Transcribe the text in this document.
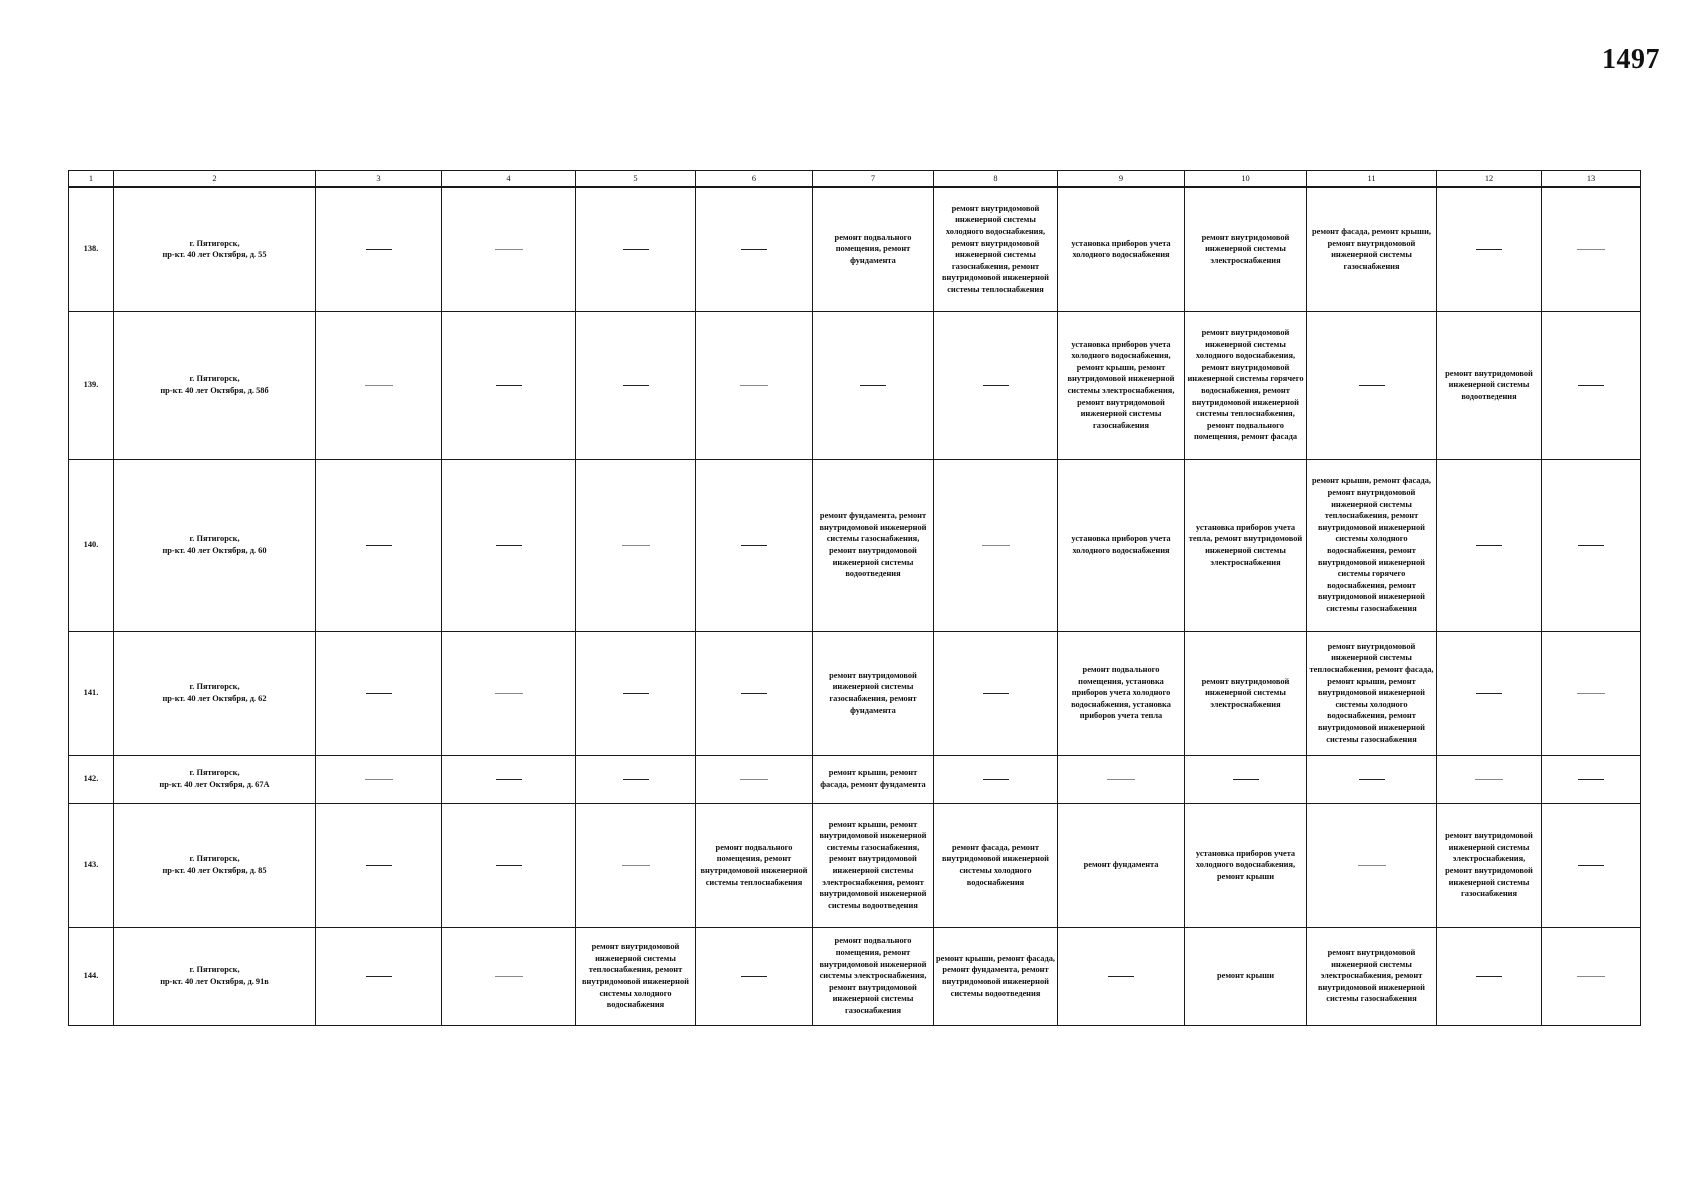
1497
1	2	3	4	5	6	7	8	9	10	11	12	13
138.	г. Пятигорск,
пр-кт. 40 лет Октября, д. 55					ремонт подвального помещения, ремонт фундамента	ремонт внутридомовой инженерной системы холодного водоснабжения, ремонт внутридомовой инженерной системы газоснабжения, ремонт внутридомовой инженерной системы теплоснабжения	установка приборов учета холодного водоснабжения	ремонт внутридомовой инженерной системы электроснабжения	ремонт фасада, ремонт крыши, ремонт внутридомовой инженерной системы газоснабжения		

139.	г. Пятигорск,
пр-кт. 40 лет Октября, д. 58б							установка приборов учета холодного водоснабжения, ремонт крыши, ремонт внутридомовой инженерной системы электроснабжения, ремонт внутридомовой инженерной системы газоснабжения	ремонт внутридомовой инженерной системы холодного водоснабжения, ремонт внутридомовой инженерной системы горячего водоснабжения, ремонт внутридомовой инженерной системы теплоснабжения, ремонт подвального помещения, ремонт фасада		ремонт внутридомовой инженерной системы водоотведения	

140.	г. Пятигорск,
пр-кт. 40 лет Октября, д. 60					ремонт фундамента, ремонт внутридомовой инженерной системы газоснабжения, ремонт внутридомовой инженерной системы водоотведения		установка приборов учета холодного водоснабжения	установка приборов учета тепла, ремонт внутридомовой инженерной системы электроснабжения	ремонт крыши, ремонт фасада, ремонт внутридомовой инженерной системы теплоснабжения, ремонт внутридомовой инженерной системы холодного водоснабжения, ремонт внутридомовой инженерной системы горячего водоснабжения, ремонт внутридомовой инженерной системы газоснабжения		

141.	г. Пятигорск,
пр-кт. 40 лет Октября, д. 62					ремонт внутридомовой инженерной системы газоснабжения, ремонт фундамента		ремонт подвального помещения, установка приборов учета холодного водоснабжения, установка приборов учета тепла	ремонт внутридомовой инженерной системы электроснабжения	ремонт внутридомовой инженерной системы теплоснабжения, ремонт фасада, ремонт крыши, ремонт внутридомовой инженерной системы холодного водоснабжения, ремонт внутридомовой инженерной системы газоснабжения		

142.	г. Пятигорск,
пр-кт. 40 лет Октября, д. 67А					ремонт крыши, ремонт фасада, ремонт фундамента						

143.	г. Пятигорск,
пр-кт. 40 лет Октября, д. 85				ремонт подвального помещения, ремонт внутридомовой инженерной системы теплоснабжения	ремонт крыши, ремонт внутридомовой инженерной системы газоснабжения, ремонт внутридомовой инженерной системы электроснабжения, ремонт внутридомовой инженерной системы водоотведения	ремонт фасада, ремонт внутридомовой инженерной системы холодного водоснабжения	ремонт фундамента	установка приборов учета холодного водоснабжения, ремонт крыши		ремонт внутридомовой инженерной системы электроснабжения, ремонт внутридомовой инженерной системы газоснабжения	

144.	г. Пятигорск,
пр-кт. 40 лет Октября, д. 91в			ремонт внутридомовой инженерной системы теплоснабжения, ремонт внутридомовой инженерной системы холодного водоснабжения		ремонт подвального помещения, ремонт внутридомовой инженерной системы электроснабжения, ремонт внутридомовой инженерной системы газоснабжения	ремонт крыши, ремонт фасада, ремонт фундамента, ремонт внутридомовой инженерной системы водоотведения		ремонт крыши	ремонт внутридомовой инженерной системы электроснабжения, ремонт внутридомовой инженерной системы газоснабжения		
